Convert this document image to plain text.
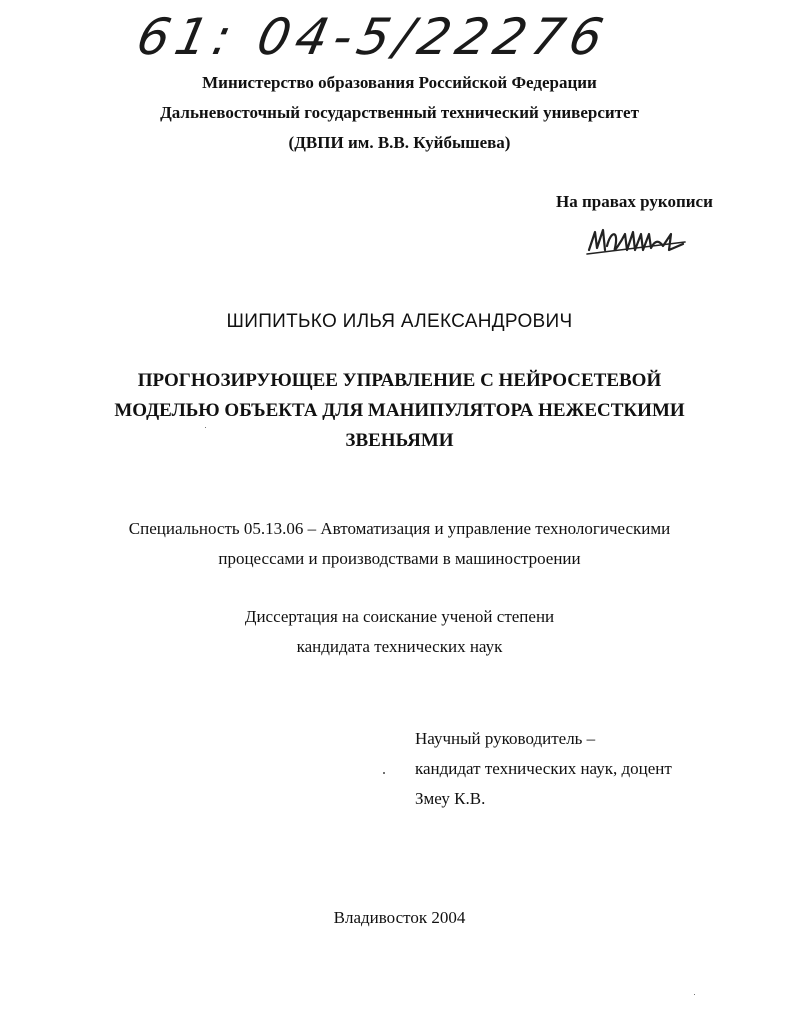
61: 04-5/22276
Министерство образования Российской Федерации
Дальневосточный государственный технический университет
(ДВПИ им. В.В. Куйбышева)
На правах рукописи
ШИПИТЬКО ИЛЬЯ АЛЕКСАНДРОВИЧ
ПРОГНОЗИРУЮЩЕЕ УПРАВЛЕНИЕ С НЕЙРОСЕТЕВОЙ
МОДЕЛЬЮ ОБЪЕКТА ДЛЯ МАНИПУЛЯТОРА НЕЖЕСТКИМИ
ЗВЕНЬЯМИ
Специальность 05.13.06 – Автоматизация и управление технологическими
процессами и производствами в машиностроении
Диссертация на соискание ученой степени
кандидата технических наук
Научный руководитель –
кандидат технических наук, доцент
Змеу К.В.
Владивосток 2004
